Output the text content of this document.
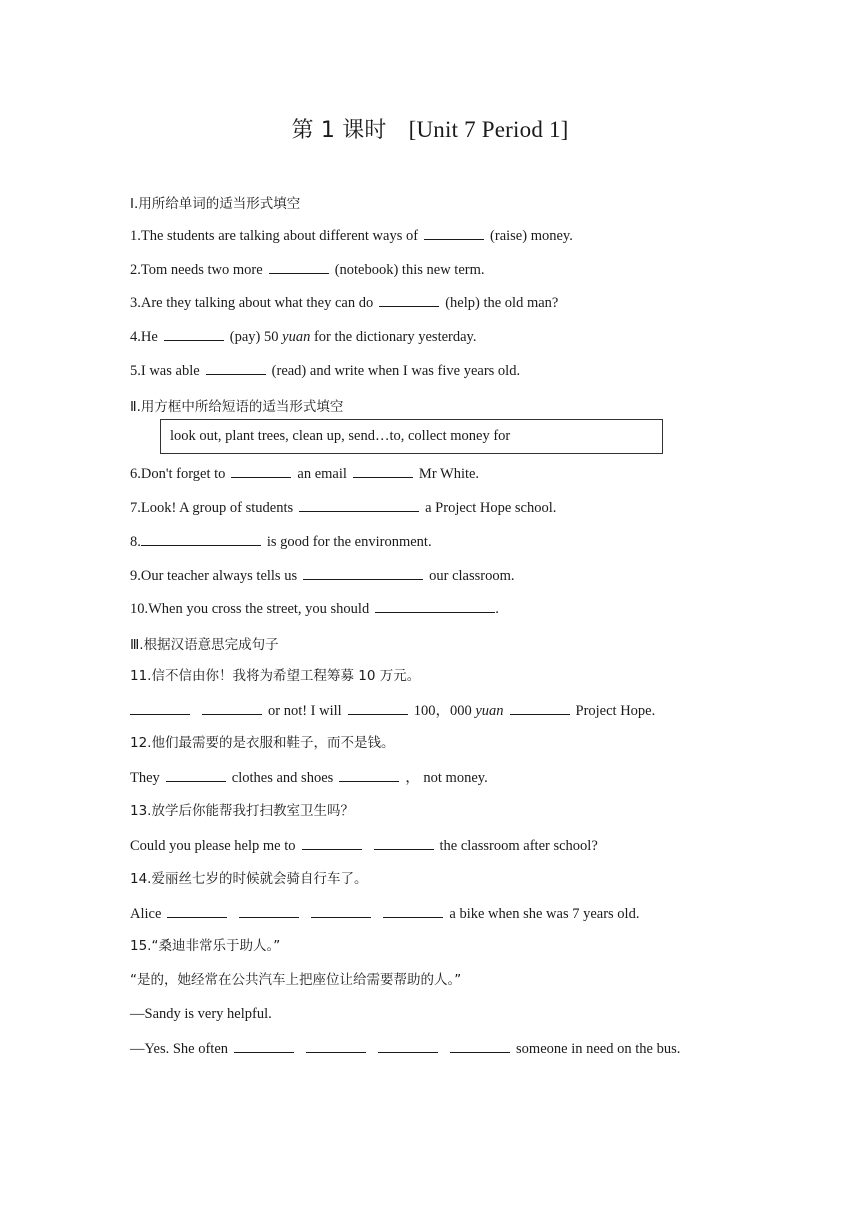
第 1 课时 [Unit 7 Period 1]
Ⅰ.用所给单词的适当形式填空
1.The students are talking about different ways of	(raise) money.
2.Tom needs two more	(notebook) this new term.
3.Are they talking about what they can do	(help) the old man?
4.He	(pay) 50 yuan for the dictionary yesterday.
5.I was able	(read) and write when I was five years old.
Ⅱ.用方框中所给短语的适当形式填空
look out, plant trees, clean up, send…to, collect money for
6.Don't forget to	an email	Mr White.
7.Look! A group of students	a Project Hope school.
8.	is good for the environment.
9.Our teacher always tells us	our classroom.
10.When you cross the street, you should	.
Ⅲ.根据汉语意思完成句子
11.信不信由你！我将为希望工程筹募 10 万元。
or not! I will	100，000 yuan	Project Hope.
12.他们最需要的是衣服和鞋子，而不是钱。
They	clothes and shoes	， not money.
13.放学后你能帮我打扫教室卫生吗？
Could you please help me to	the classroom after school?
14.爱丽丝七岁的时候就会骑自行车了。
Alice	a bike when she was 7 years old.
15.“桑迪非常乐于助人。”
“是的，她经常在公共汽车上把座位让给需要帮助的人。”
—Sandy is very helpful.
—Yes. She often	someone in need on the bus.
